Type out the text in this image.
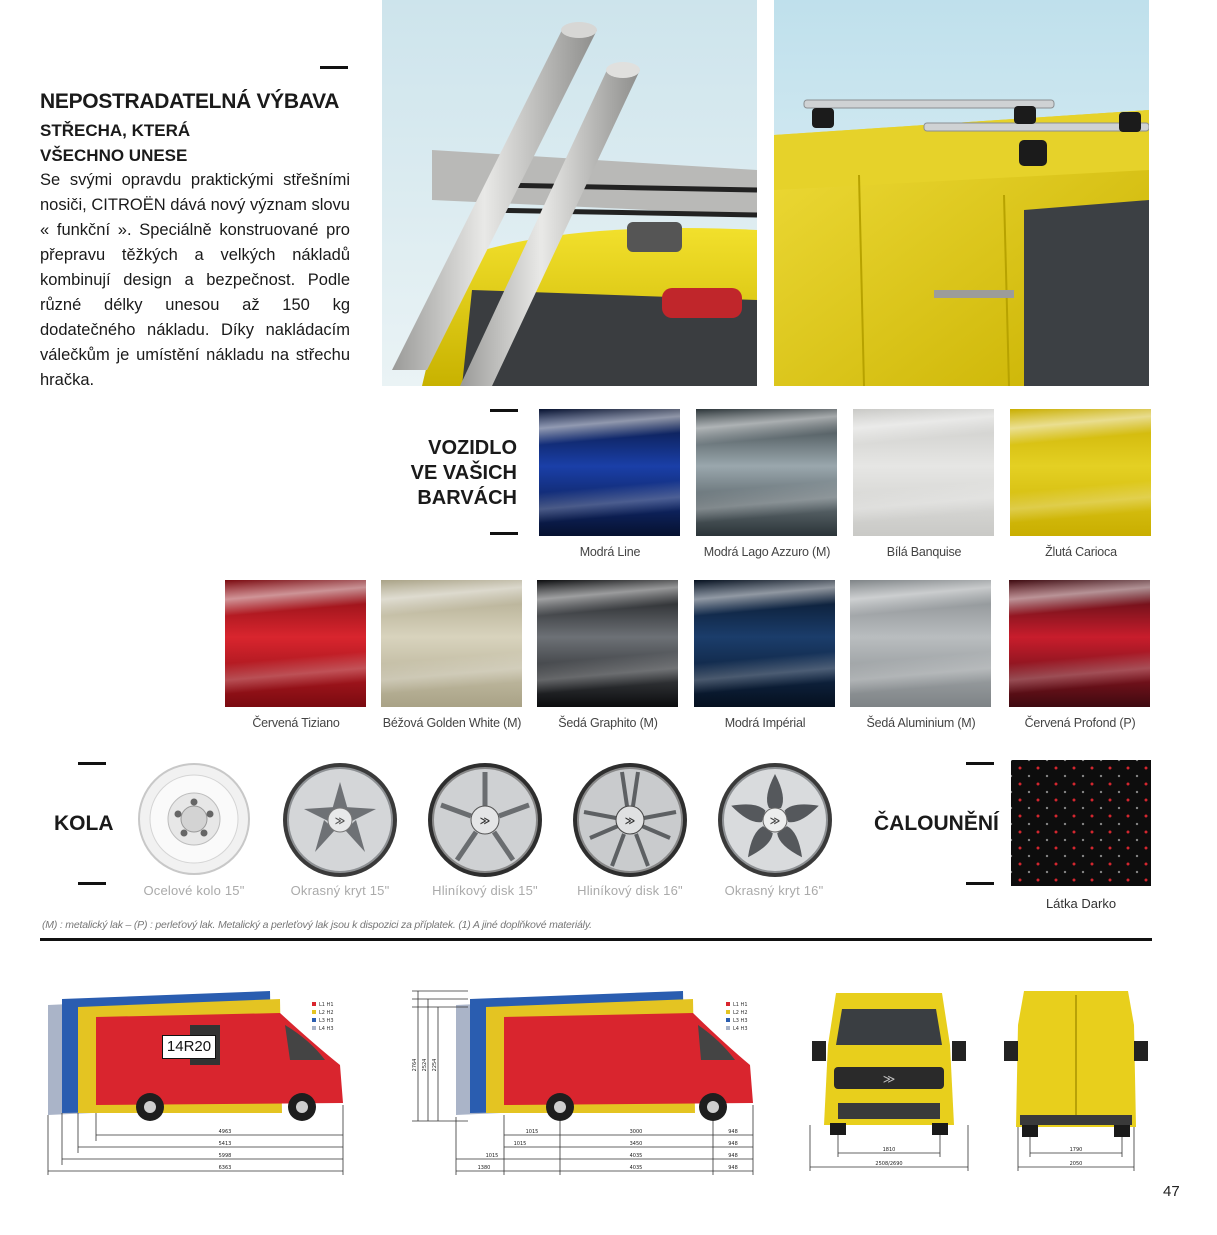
NEPOSTRADATELNÁ VÝBAVA
STŘECHA, KTERÁ
VŠECHNO UNESE
Se svými opravdu praktickými střešními nosiči, CITROËN dává nový význam slovu « funkční ». Speciálně konstruované pro přepravu těžkých a velkých nákladů kombinují design a bezpečnost. Podle různé délky unesou až 150 kg dodatečného nákladu. Díky nakládacím válečkům je umístění nákladu na střechu hračka.
VOZIDLO
VE VAŠICH
BARVÁCH
Modrá Line	Modrá Lago Azzuro (M)	Bílá Banquise	Žlutá Carioca
Červená Tiziano	Béžová Golden White (M)	Šedá Graphito (M)	Modrá Impérial	Šedá Aluminium (M)	Červená Profond (P)
KOLA	≫	≫	≫	≫
Ocelové kolo 15"	Okrasný kryt 15"	Hliníkový disk 15"	Hliníkový disk 16"	Okrasný kryt 16"
ČALOUNĚNÍ
Látka Darko
(M) : metalický lak – (P) : perleťový lak. Metalický a perleťový lak jsou k dispozici za příplatek. (1) A jiné doplňkové materiály.
4963
5413
5998
6363
L1 H1
L2 H2
L3 H3
L4 H3
14R20
2764 2524 2254
1015	3000	948
1015	3450	948
1015	4035	948
1380	4035	948
L1 H1
L2 H2
L3 H3
L4 H3
≫
1810
2508/2690
1790
2050
47
